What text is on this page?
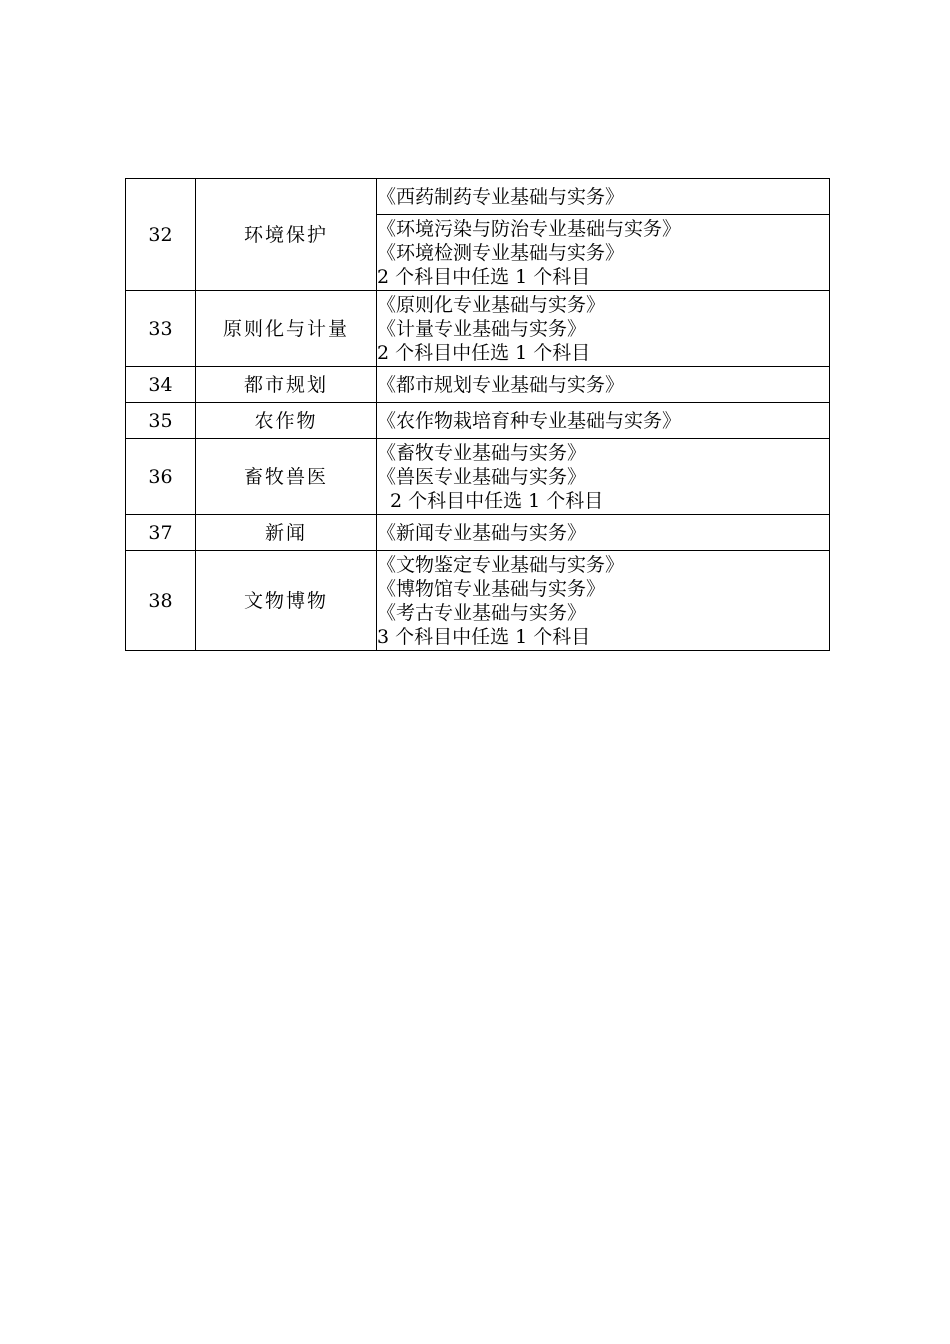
32	环境保护	《西药制药专业基础与实务》

		《环境污染与防治专业基础与实务》
《环境检测专业基础与实务》
2 个科目中任选 1 个科目

33	原则化与计量	《原则化专业基础与实务》
《计量专业基础与实务》
2 个科目中任选 1 个科目

34	都市规划	《都市规划专业基础与实务》

35	农作物	《农作物栽培育种专业基础与实务》

36	畜牧兽医	《畜牧专业基础与实务》
《兽医专业基础与实务》
2 个科目中任选 1 个科目

37	新闻	《新闻专业基础与实务》

38	文物博物	《文物鉴定专业基础与实务》
《博物馆专业基础与实务》
《考古专业基础与实务》
3 个科目中任选 1 个科目
